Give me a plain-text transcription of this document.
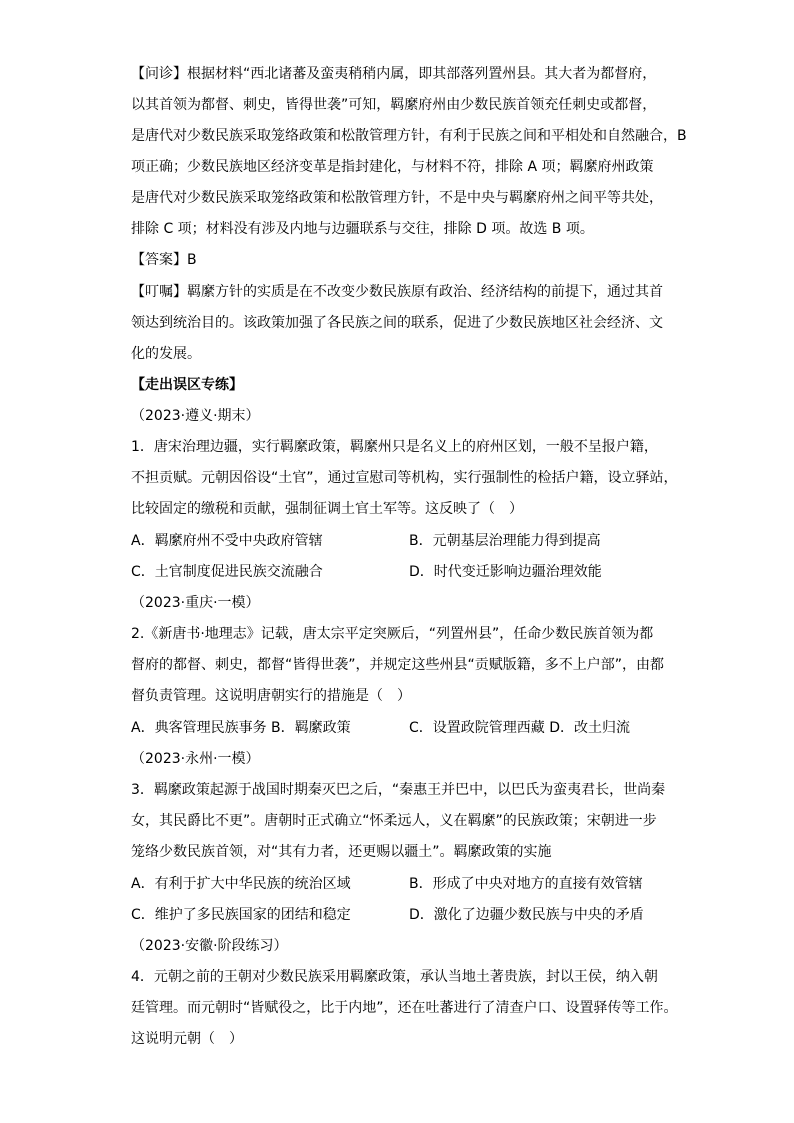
【问诊】根据材料“西北诸蕃及蛮夷稍稍内属，即其部落列置州县。其大者为都督府，
以其首领为都督、刺史，皆得世袭”可知，羁縻府州由少数民族首领充任刺史或都督，
是唐代对少数民族采取笼络政策和松散管理方针，有利于民族之间和平相处和自然融合，B
项正确；少数民族地区经济变革是指封建化，与材料不符，排除 A 项；羁縻府州政策
是唐代对少数民族采取笼络政策和松散管理方针，不是中央与羁縻府州之间平等共处，
排除 C 项；材料没有涉及内地与边疆联系与交往，排除 D 项。故选 B 项。
【答案】B
【叮嘱】羁縻方针的实质是在不改变少数民族原有政治、经济结构的前提下，通过其首
领达到统治目的。该政策加强了各民族之间的联系，促进了少数民族地区社会经济、文
化的发展。
【走出误区专练】
（2023·遵义·期末）
1．唐宋治理边疆，实行羁縻政策，羁縻州只是名义上的府州区划，一般不呈报户籍，
不担贡赋。元朝因俗设“土官”，通过宣慰司等机构，实行强制性的检括户籍，设立驿站，
比较固定的缴税和贡献，强制征调土官土军等。这反映了（　）
A．羁縻府州不受中央政府管辖	B．元朝基层治理能力得到提高
C．土官制度促进民族交流融合	D．时代变迁影响边疆治理效能
（2023·重庆·一模）
2.《新唐书·地理志》记载，唐太宗平定突厥后，“列置州县”，任命少数民族首领为都
督府的都督、刺史，都督“皆得世袭”，并规定这些州县“贡赋版籍，多不上户部”，由都
督负责管理。这说明唐朝实行的措施是（　）
A．典客管理民族事务 B．羁縻政策	C．设置政院管理西藏 D．改土归流
（2023·永州·一模）
3．羁縻政策起源于战国时期秦灭巴之后，“秦惠王并巴中，以巴氏为蛮夷君长，世尚秦
女，其民爵比不更”。唐朝时正式确立“怀柔远人，义在羁縻”的民族政策；宋朝进一步
笼络少数民族首领，对“其有力者，还更赐以疆土”。羁縻政策的实施
A．有利于扩大中华民族的统治区域	B．形成了中央对地方的直接有效管辖
C．维护了多民族国家的团结和稳定	D．激化了边疆少数民族与中央的矛盾
（2023·安徽·阶段练习）
4．元朝之前的王朝对少数民族采用羁縻政策，承认当地土著贵族，封以王侯，纳入朝
廷管理。而元朝时“皆赋役之，比于内地”，还在吐蕃进行了清查户口、设置驿传等工作。
这说明元朝（　）
